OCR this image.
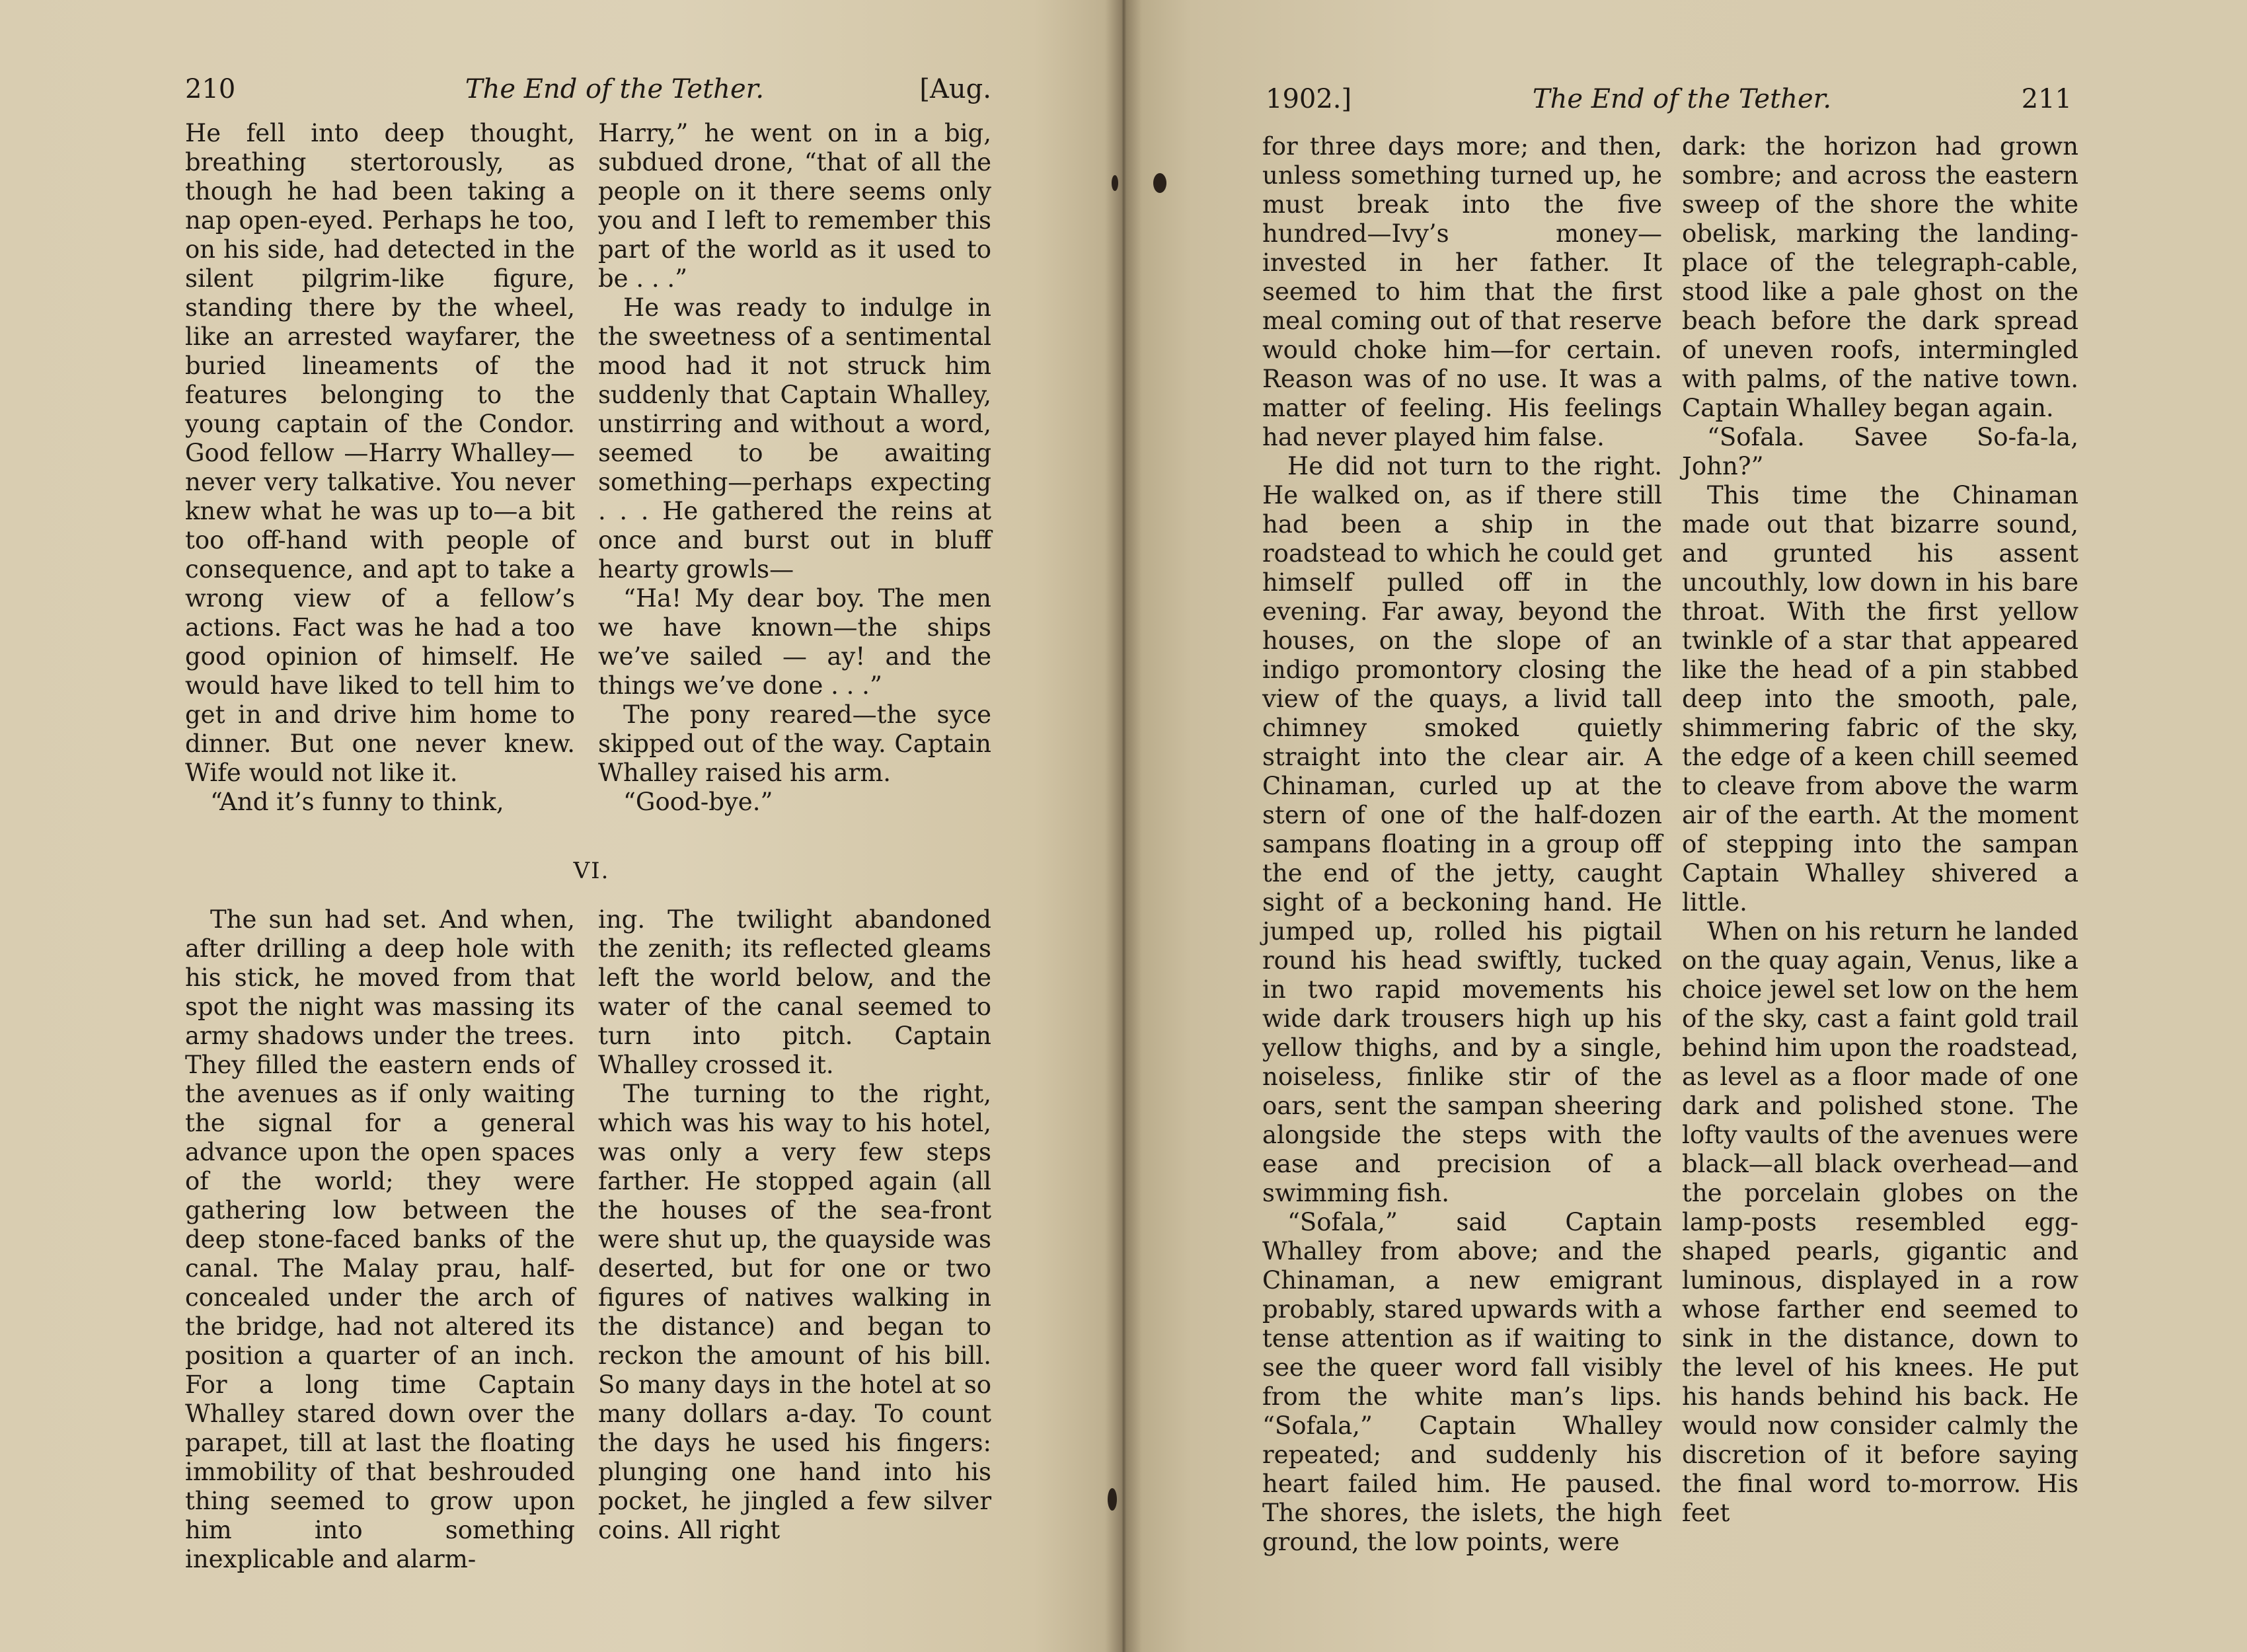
210	The End of the Tether.	[Aug.

He fell into deep thought, breathing stertorously, as though he had been taking a nap open-eyed. Perhaps he too, on his side, had detected in the silent pilgrim-like figure, standing there by the wheel, like an arrested wayfarer, the buried lineaments of the features belonging to the young captain of the Condor. Good fellow —Harry Whalley—never very talkative. You never knew what he was up to—a bit too off-hand with people of consequence, and apt to take a wrong view of a fellow’s actions. Fact was he had a too good opinion of himself. He would have liked to tell him to get in and drive him home to dinner. But one never knew. Wife would not like it.

“And it’s funny to think,

Harry,” he went on in a big, subdued drone, “that of all the people on it there seems only you and I left to remember this part of the world as it used to be . . .”

He was ready to indulge in the sweetness of a sentimental mood had it not struck him suddenly that Captain Whalley, unstirring and without a word, seemed to be awaiting something—perhaps expecting . . . He gathered the reins at once and burst out in bluff hearty growls—

“Ha! My dear boy. The men we have known—the ships we’ve sailed — ay! and the things we’ve done . . .”

The pony reared—the syce skipped out of the way. Captain Whalley raised his arm.

“Good-bye.”

VI.

The sun had set. And when, after drilling a deep hole with his stick, he moved from that spot the night was massing its army shadows under the trees. They filled the eastern ends of the avenues as if only waiting the signal for a general advance upon the open spaces of the world; they were gathering low between the deep stone-faced banks of the canal. The Malay prau, half-concealed under the arch of the bridge, had not altered its position a quarter of an inch. For a long time Captain Whalley stared down over the parapet, till at last the floating immobility of that beshrouded thing seemed to grow upon him into something inexplicable and alarm-

ing. The twilight abandoned the zenith; its reflected gleams left the world below, and the water of the canal seemed to turn into pitch. Captain Whalley crossed it.

The turning to the right, which was his way to his hotel, was only a very few steps farther. He stopped again (all the houses of the sea-front were shut up, the quayside was deserted, but for one or two figures of natives walking in the distance) and began to reckon the amount of his bill. So many days in the hotel at so many dollars a-day. To count the days he used his fingers: plunging one hand into his pocket, he jingled a few silver coins. All right

1902.]	The End of the Tether.	211

for three days more; and then, unless something turned up, he must break into the five hundred—Ivy’s money—invested in her father. It seemed to him that the first meal coming out of that reserve would choke him—for certain. Reason was of no use. It was a matter of feeling. His feelings had never played him false.

He did not turn to the right. He walked on, as if there still had been a ship in the roadstead to which he could get himself pulled off in the evening. Far away, beyond the houses, on the slope of an indigo promontory closing the view of the quays, a livid tall chimney smoked quietly straight into the clear air. A Chinaman, curled up at the stern of one of the half-dozen sampans floating in a group off the end of the jetty, caught sight of a beckoning hand. He jumped up, rolled his pigtail round his head swiftly, tucked in two rapid movements his wide dark trousers high up his yellow thighs, and by a single, noiseless, finlike stir of the oars, sent the sampan sheering alongside the steps with the ease and precision of a swimming fish.

“Sofala,” said Captain Whalley from above; and the Chinaman, a new emigrant probably, stared upwards with a tense attention as if waiting to see the queer word fall visibly from the white man’s lips. “Sofala,” Captain Whalley repeated; and suddenly his heart failed him. He paused. The shores, the islets, the high ground, the low points, were

dark: the horizon had grown sombre; and across the eastern sweep of the shore the white obelisk, marking the landing-place of the telegraph-cable, stood like a pale ghost on the beach before the dark spread of uneven roofs, intermingled with palms, of the native town. Captain Whalley began again.

“Sofala. Savee So-fa-la, John?”

This time the Chinaman made out that bizarre sound, and grunted his assent uncouthly, low down in his bare throat. With the first yellow twinkle of a star that appeared like the head of a pin stabbed deep into the smooth, pale, shimmering fabric of the sky, the edge of a keen chill seemed to cleave from above the warm air of the earth. At the moment of stepping into the sampan Captain Whalley shivered a little.

When on his return he landed on the quay again, Venus, like a choice jewel set low on the hem of the sky, cast a faint gold trail behind him upon the roadstead, as level as a floor made of one dark and polished stone. The lofty vaults of the avenues were black—all black overhead—and the porcelain globes on the lamp-posts resembled egg-shaped pearls, gigantic and luminous, displayed in a row whose farther end seemed to sink in the distance, down to the level of his knees. He put his hands behind his back. He would now consider calmly the discretion of it before saying the final word to-morrow. His feet
